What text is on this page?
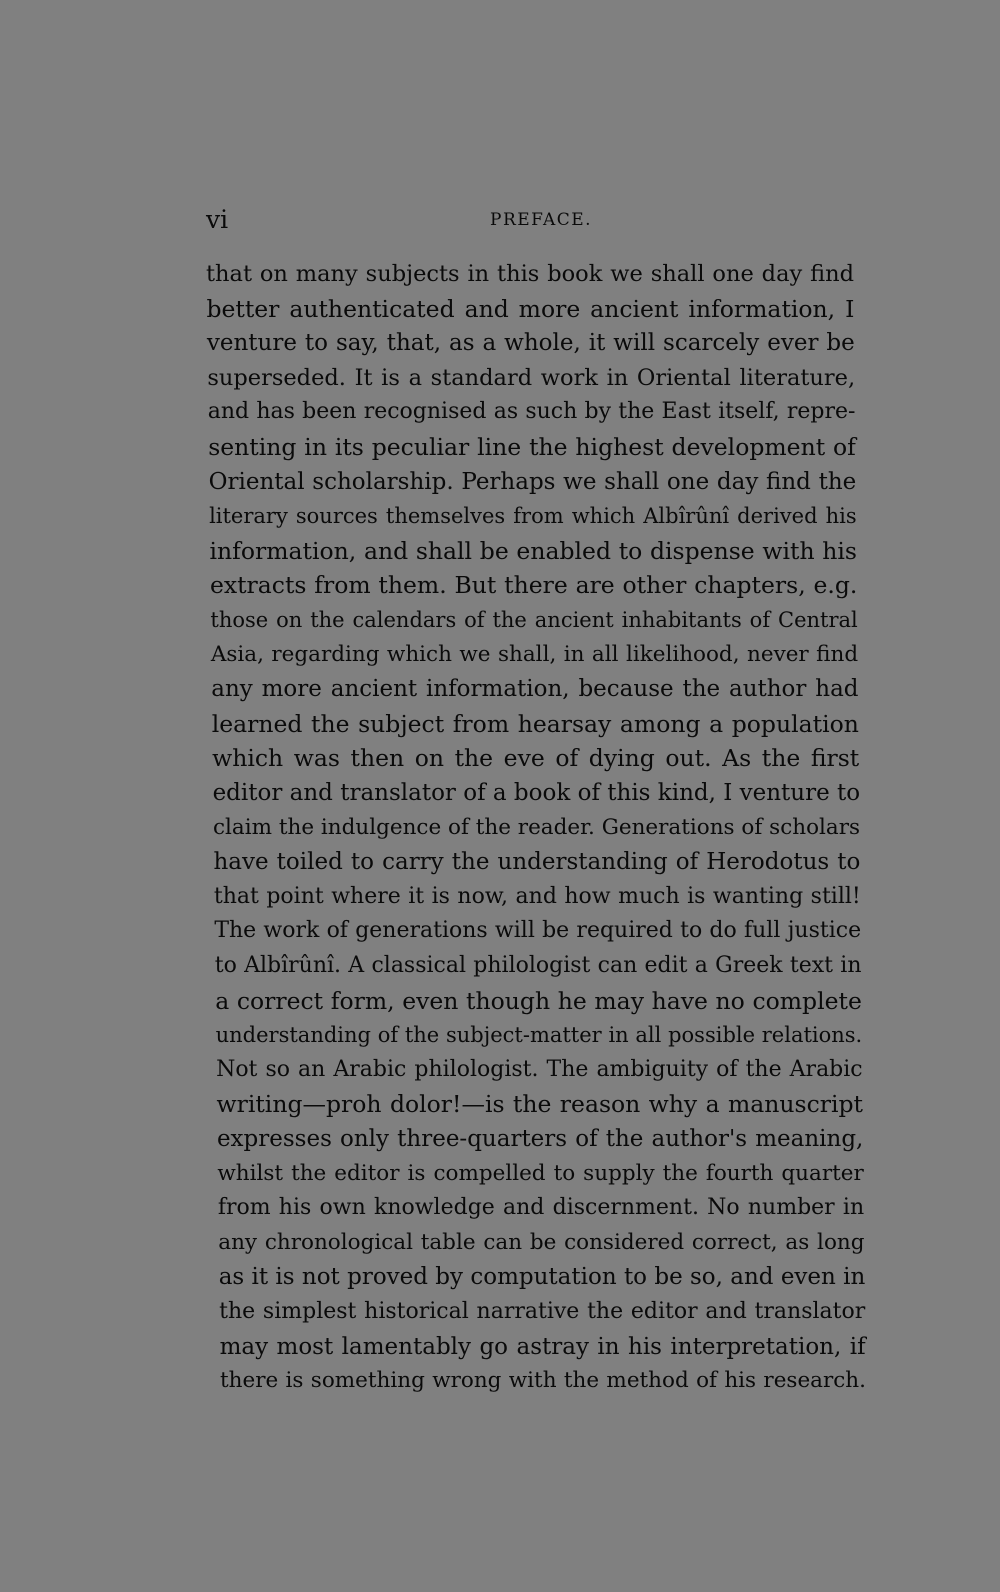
vi	PREFACE.
that on many subjects in this book we shall one day find
better authenticated and more ancient information, I
venture to say, that, as a whole, it will scarcely ever be
superseded. It is a standard work in Oriental literature,
and has been recognised as such by the East itself, repre-
senting in its peculiar line the highest development of
Oriental scholarship. Perhaps we shall one day find the
literary sources themselves from which Albîrûnî derived his
information, and shall be enabled to dispense with his
extracts from them. But there are other chapters, e.g.
those on the calendars of the ancient inhabitants of Central
Asia, regarding which we shall, in all likelihood, never find
any more ancient information, because the author had
learned the subject from hearsay among a population
which was then on the eve of dying out. As the first
editor and translator of a book of this kind, I venture to
claim the indulgence of the reader. Generations of scholars
have toiled to carry the understanding of Herodotus to
that point where it is now, and how much is wanting still!
The work of generations will be required to do full justice
to Albîrûnî. A classical philologist can edit a Greek text in
a correct form, even though he may have no complete
understanding of the subject-matter in all possible relations.
Not so an Arabic philologist. The ambiguity of the Arabic
writing—proh dolor!—is the reason why a manuscript
expresses only three-quarters of the author's meaning,
whilst the editor is compelled to supply the fourth quarter
from his own knowledge and discernment. No number in
any chronological table can be considered correct, as long
as it is not proved by computation to be so, and even in
the simplest historical narrative the editor and translator
may most lamentably go astray in his interpretation, if
there is something wrong with the method of his research.
